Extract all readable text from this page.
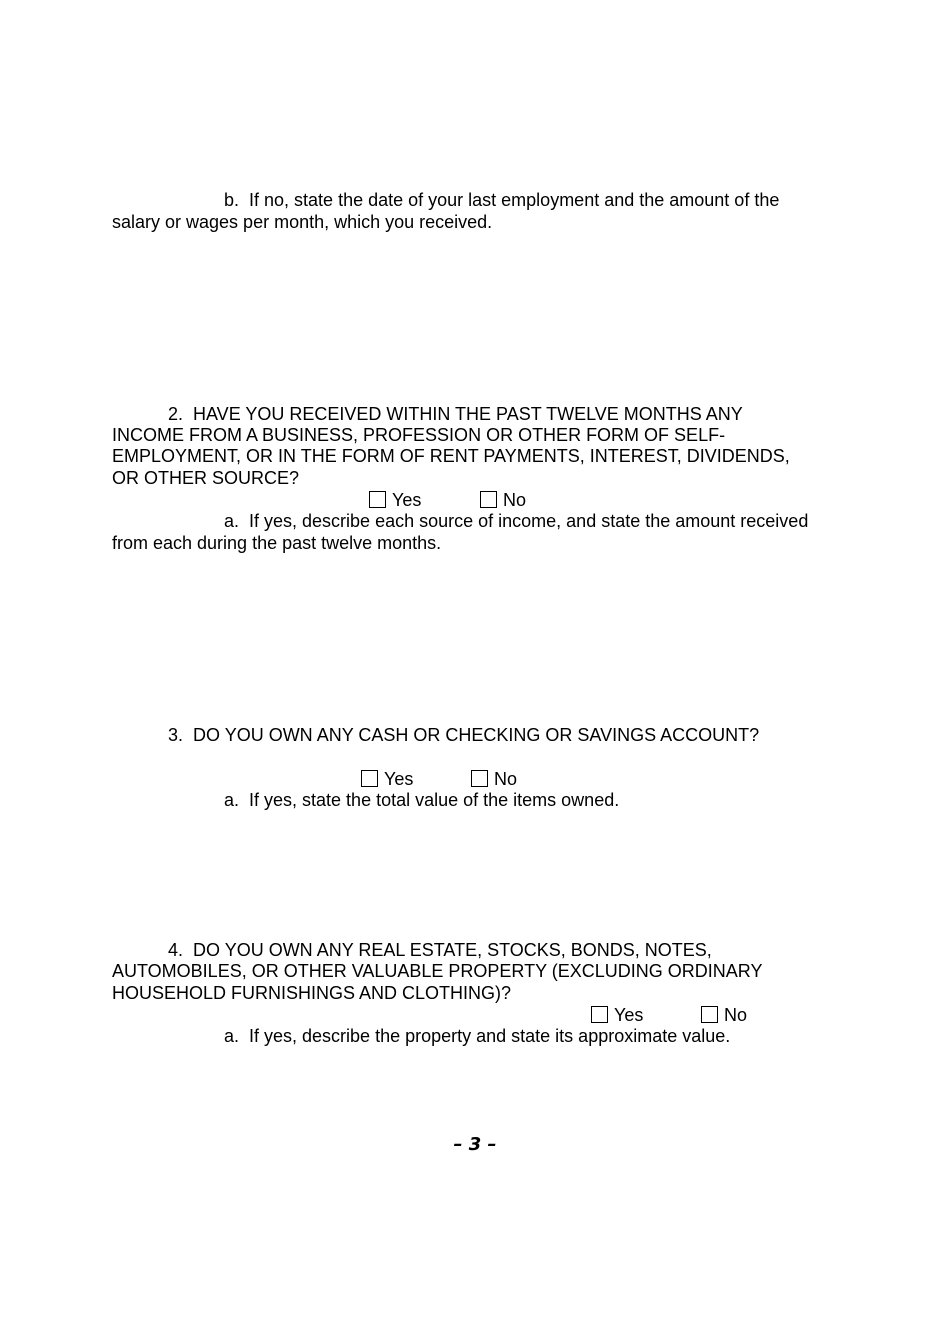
b.  If no, state the date of your last employment and the amount of the
salary or wages per month, which you received.
2.  HAVE YOU RECEIVED WITHIN THE PAST TWELVE MONTHS ANY
INCOME FROM A BUSINESS, PROFESSION OR OTHER FORM OF SELF-
EMPLOYMENT, OR IN THE FORM OF RENT PAYMENTS, INTEREST, DIVIDENDS,
OR OTHER SOURCE?

Yes	No

a.  If yes, describe each source of income, and state the amount received
from each during the past twelve months.
3.  DO YOU OWN ANY CASH OR CHECKING OR SAVINGS ACCOUNT?

Yes	No

a.  If yes, state the total value of the items owned.
4.  DO YOU OWN ANY REAL ESTATE, STOCKS, BONDS, NOTES,
AUTOMOBILES, OR OTHER VALUABLE PROPERTY (EXCLUDING ORDINARY
HOUSEHOLD FURNISHINGS AND CLOTHING)?

Yes	No

a.  If yes, describe the property and state its approximate value.
– 3 –
